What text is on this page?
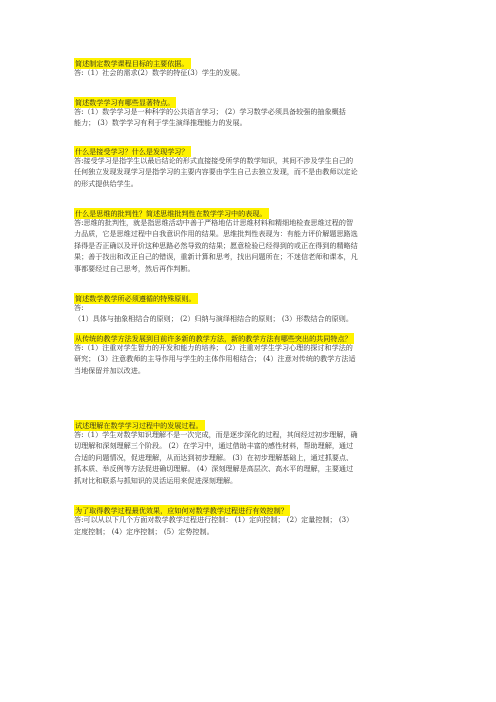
简述制定数学课程目标的主要依据。
答:（1）社会的需求(2）数学的特征(3）学生的发展。
简述数学学习有哪些显著特点。
答:（1）数学学习是一种科学的公共语言学习； (2）学习数学必须具备较强的抽象概括
能力； (3）数学学习有利于学生演绎推理能力的发展。
什么是接受学习？什么是发现学习？
答:接受学习是指学生以最后结论的形式直接接受所学的数学知识，其间不涉及学生自己的
任何独立发现发现学习是指学习的主要内容要由学生自己去独立发现，而不是由教师以定论
的形式提供给学生。
什么是思维的批判性？简述思维批判性在数学学习中的表现。
答:思维的批判性，就是指思维活动中善于严格地估计思维材料和精细地检查思维过程的智
力品质，它是思维过程中自我意识作用的结果。思维批判性表现为：有能力评价解题思路选
择得是否正确以及评价这种思路必然导致的结果；愿意检验已经得到的或正在得到的精略结
果；善于找出和改正自己的错误，重新计算和思考，找出问题所在；不迷信老师和课本，凡
事都要经过自己思考，然后再作判断。
简述数学教学所必须遵循的特殊原则。
答:
（1）具体与抽象相结合的原则； (2）归纳与演绎相结合的原则； (3）形数结合的原则。
从传统的教学方法发展到目前许多新的教学方法，新的教学方法有哪些突出的共同特点？
答:（1）注重对学生智力的开发和能力的培养； (2）注重对学生学习心理的探讨和学法的
研究； (3）注意教师的主导作用与学生的主体作用相结合； (4）注意对传统的教学方法适
当地保留并加以改进。
试述理解在数学学习过程中的发展过程。
答:（1）学生对数学知识理解不是一次完成，而是逐步深化的过程，其间经过初步理解，确
切理解和深刻理解三个阶段。 (2）在学习中，通过借助丰富的感性材料，帮助理解，通过
合适的问题情况，促进理解，从而达到初步理解。 (3）在初步理解基础上，通过抓要点、
抓本质、举反例等方法促进确切理解。 (4）深刻理解是高层次、高水平的理解，主要通过
抓对比和联系与抓知识的灵活运用来促进深刻理解。
为了取得教学过程最优效果，应如何对数学教学过程进行有效控制？
答:可以从以下几个方面对数学教学过程进行控制： (1）定向控制； (2）定量控制； (3）
定度控制； (4）定序控制； (5）定势控制。
